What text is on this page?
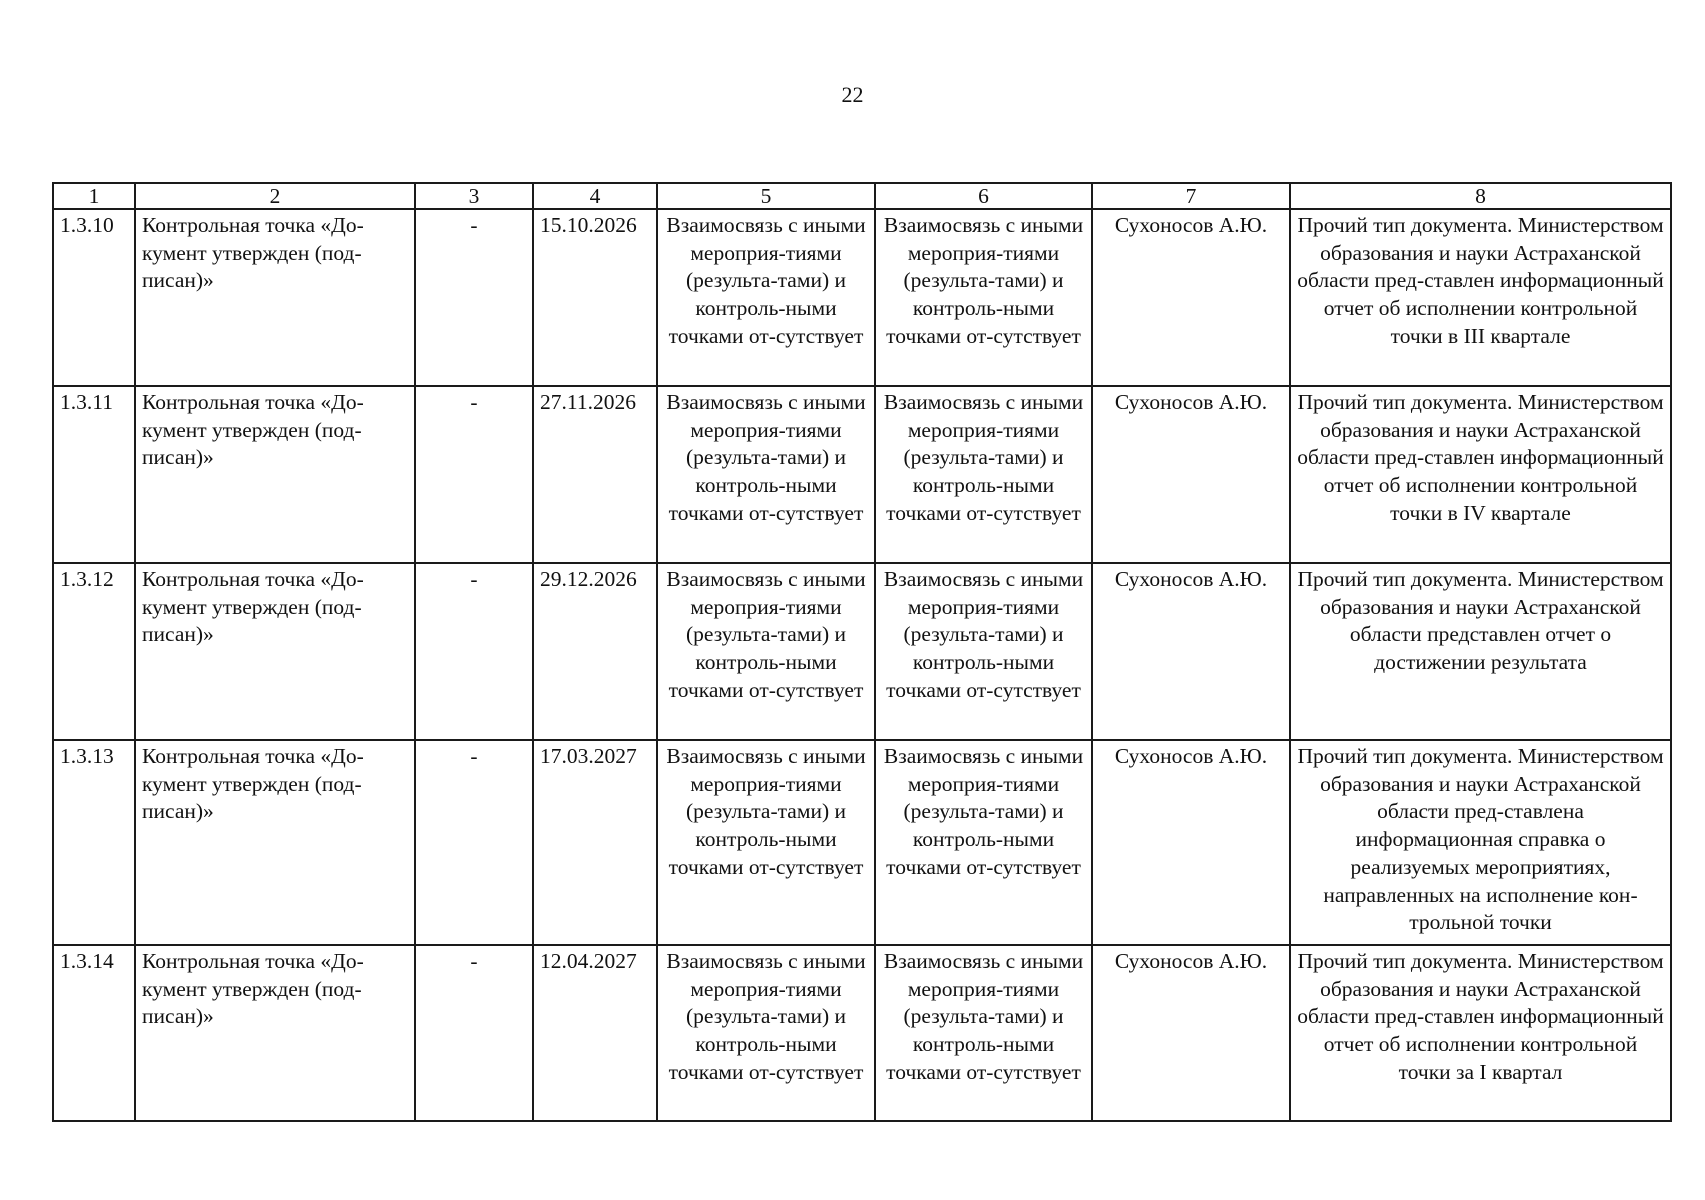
22
1	2	3	4	5	6	7	8
1.3.10	Контрольная точка «До-кумент утвержден (под-писан)»	-	15.10.2026	Взаимосвязь с иными мероприя-тиями (результа-тами) и контроль-ными точками от-сутствует	Взаимосвязь с иными мероприя-тиями (результа-тами) и контроль-ными точками от-сутствует	Сухоносов А.Ю.	Прочий тип документа. Министерством образования и науки Астраханской области пред-ставлен информационный отчет об исполнении контрольной точки в III квартале
1.3.11	Контрольная точка «До-кумент утвержден (под-писан)»	-	27.11.2026	Взаимосвязь с иными мероприя-тиями (результа-тами) и контроль-ными точками от-сутствует	Взаимосвязь с иными мероприя-тиями (результа-тами) и контроль-ными точками от-сутствует	Сухоносов А.Ю.	Прочий тип документа. Министерством образования и науки Астраханской области пред-ставлен информационный отчет об исполнении контрольной точки в IV квартале
1.3.12	Контрольная точка «До-кумент утвержден (под-писан)»	-	29.12.2026	Взаимосвязь с иными мероприя-тиями (результа-тами) и контроль-ными точками от-сутствует	Взаимосвязь с иными мероприя-тиями (результа-тами) и контроль-ными точками от-сутствует	Сухоносов А.Ю.	Прочий тип документа. Министерством образования и науки Астраханской области представлен отчет о достижении результата
1.3.13	Контрольная точка «До-кумент утвержден (под-писан)»	-	17.03.2027	Взаимосвязь с иными мероприя-тиями (результа-тами) и контроль-ными точками от-сутствует	Взаимосвязь с иными мероприя-тиями (результа-тами) и контроль-ными точками от-сутствует	Сухоносов А.Ю.	Прочий тип документа. Министерством образования и науки Астраханской области пред-ставлена информационная справка о реализуемых мероприятиях, направленных на исполнение кон-трольной точки
1.3.14	Контрольная точка «До-кумент утвержден (под-писан)»	-	12.04.2027	Взаимосвязь с иными мероприя-тиями (результа-тами) и контроль-ными точками от-сутствует	Взаимосвязь с иными мероприя-тиями (результа-тами) и контроль-ными точками от-сутствует	Сухоносов А.Ю.	Прочий тип документа. Министерством образования и науки Астраханской области пред-ставлен информационный отчет об исполнении контрольной точки за I квартал
